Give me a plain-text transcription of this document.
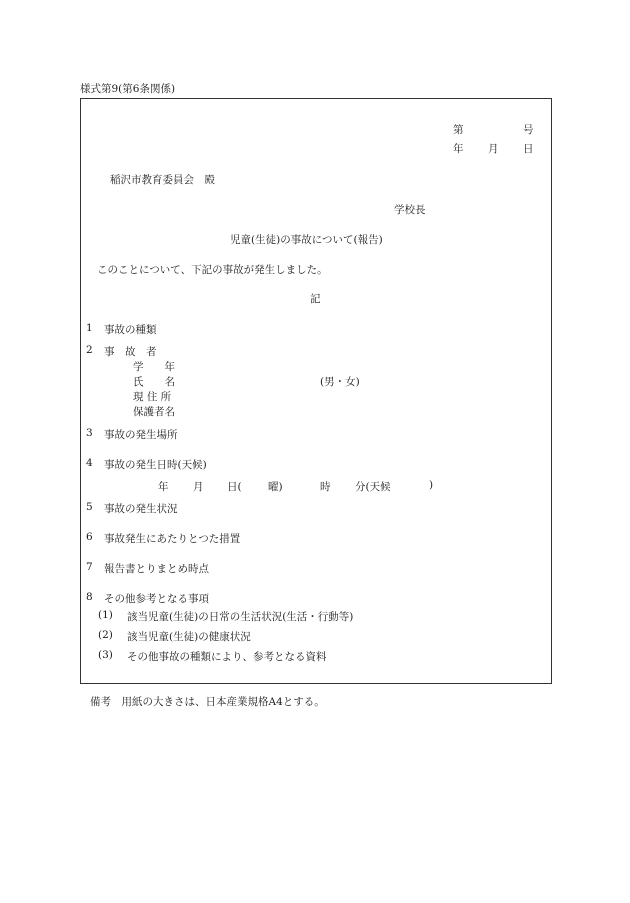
様式第9(第6条関係)
第	号
年 月 日
稲沢市教育委員会　殿
学校長
児童(生徒)の事故について(報告)
このことについて、下記の事故が発生しました。
記
1 事故の種類
2 事　故　者
学　　年
氏　　名	(男・女)
現 住 所
保護者名
3 事故の発生場所
4 事故の発生日時(天候)
年 月 日(	曜)	時 分(天候	)
5 事故の発生状況
6 事故発生にあたりとつた措置
7 報告書とりまとめ時点
8 その他参考となる事項
(1) 該当児童(生徒)の日常の生活状況(生活・行動等)
(2) 該当児童(生徒)の健康状況
(3) その他事故の種類により、参考となる資料
備考　用紙の大きさは、日本産業規格A4とする。
